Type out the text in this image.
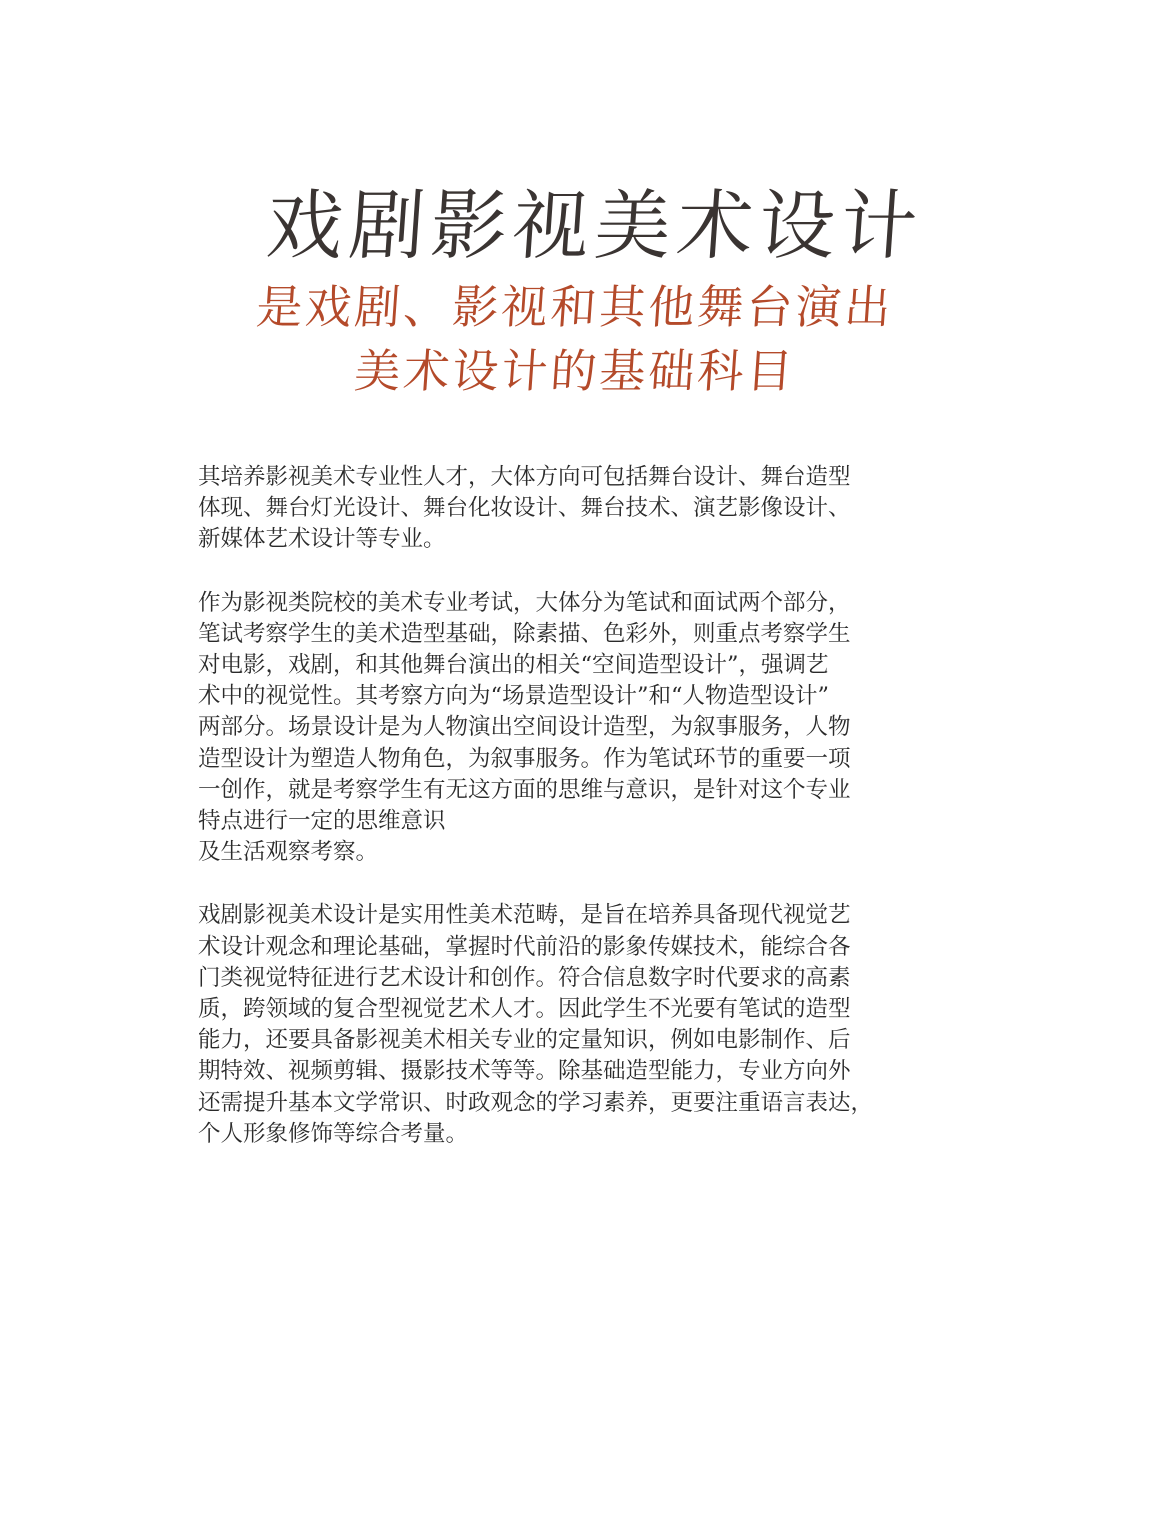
戏剧影视美术设计
是戏剧、影视和其他舞台演出
美术设计的基础科目

其培养影视美术专业性人才，大体方向可包括舞台设计、舞台造型
体现、舞台灯光设计、舞台化妆设计、舞台技术、演艺影像设计、
新媒体艺术设计等专业。

作为影视类院校的美术专业考试，大体分为笔试和面试两个部分，
笔试考察学生的美术造型基础，除素描、色彩外，则重点考察学生
对电影，戏剧，和其他舞台演出的相关“空间造型设计”，强调艺
术中的视觉性。其考察方向为“场景造型设计”和“人物造型设计”
两部分。场景设计是为人物演出空间设计造型，为叙事服务，人物
造型设计为塑造人物角色，为叙事服务。作为笔试环节的重要一项
一创作，就是考察学生有无这方面的思维与意识，是针对这个专业
特点进行一定的思维意识
及生活观察考察。

戏剧影视美术设计是实用性美术范畴，是旨在培养具备现代视觉艺
术设计观念和理论基础，掌握时代前沿的影象传媒技术，能综合各
门类视觉特征进行艺术设计和创作。符合信息数字时代要求的高素
质，跨领域的复合型视觉艺术人才。因此学生不光要有笔试的造型
能力，还要具备影视美术相关专业的定量知识，例如电影制作、后
期特效、视频剪辑、摄影技术等等。除基础造型能力，专业方向外
还需提升基本文学常识、时政观念的学习素养，更要注重语言表达，
个人形象修饰等综合考量。
